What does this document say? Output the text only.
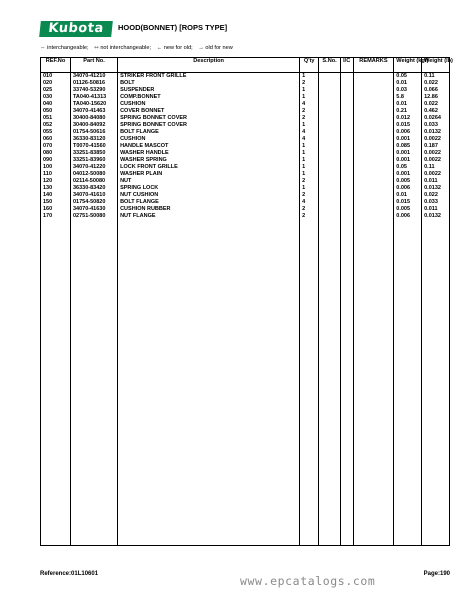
Kubota	HOOD(BONNET) [ROPS TYPE]
⇔ interchangeable; ⇿ not interchangeable; ← new for old; → old for new
REF.No	Part No.	Description	Q'ty	S.No.	I/C	REMARKS	Weight (kgf)	Weight (lb)
010	34070-41210	STRIKER FRONT GRILLE	1				0.05	0.11
020	01126-50816	BOLT	2				0.01	0.022
025	33740-53290	SUSPENDER	1				0.03	0.066
030	TA040-41313	COMP.BONNET	1				5.8	12.86
040	TA040-15620	CUSHION	4				0.01	0.022
050	34070-41463	COVER BONNET	2				0.21	0.462
051	30400-84080	SPRING BONNET COVER	2				0.012	0.0264
052	30400-84092	SPRING BONNET COVER	1				0.015	0.033
055	01754-50616	BOLT FLANGE	4				0.006	0.0132
060	36330-83120	CUSHION	4				0.001	0.0022
070	T0070-41560	HANDLE MASCOT	1				0.085	0.187
080	33251-83850	WASHER HANDLE	1				0.001	0.0022
090	33251-83960	WASHER SPRING	1				0.001	0.0022
100	34070-41220	LOCK FRONT GRILLE	1				0.05	0.11
110	04012-50080	WASHER PLAIN	1				0.001	0.0022
120	02114-50080	NUT	2				0.005	0.011
130	36330-83420	SPRING LOCK	1				0.006	0.0132
140	34070-41610	NUT CUSHION	2				0.01	0.022
150	01754-50820	BOLT FLANGE	4				0.015	0.033
160	34070-41630	CUSHION RUBBER	2				0.005	0.011
170	02751-50080	NUT FLANGE	2				0.006	0.0132

Reference:01L10601	www.epcatalogs.com	Page:190
